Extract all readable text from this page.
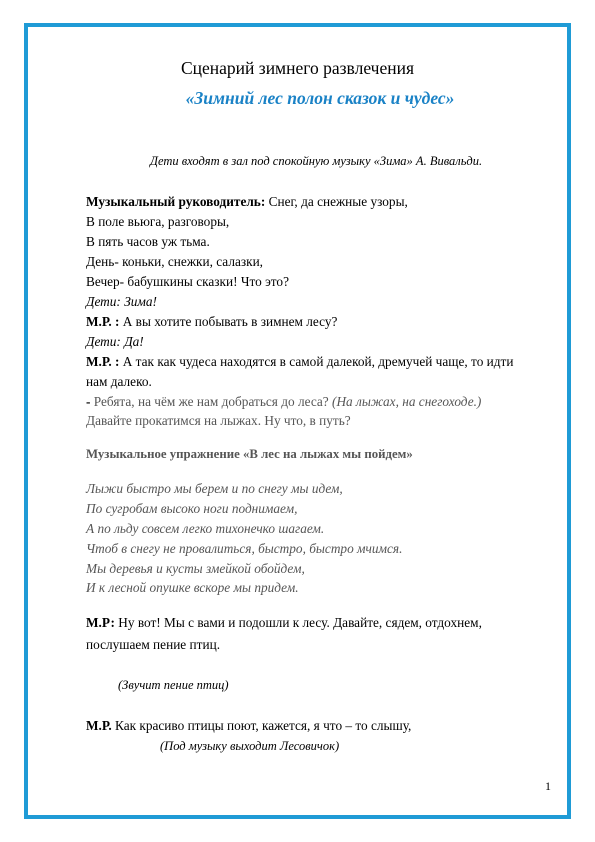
Сценарий зимнего развлечения
«Зимний лес полон сказок и чудес»
Дети входят в зал под спокойную музыку «Зима» А. Вивальди.
Музыкальный руководитель: Снег, да снежные узоры,
В поле вьюга, разговоры,
В пять часов уж тьма.
День- коньки, снежки, салазки,
Вечер- бабушкины сказки! Что это?
Дети: Зима!
М.Р. : А вы хотите побывать в зимнем лесу?
Дети: Да!
М.Р. : А так как чудеса находятся в самой далекой, дремучей чаще, то идти
нам далеко.
- Ребята, на чём же нам добраться до леса? (На лыжах, на снегоходе.)
Давайте прокатимся на лыжах. Ну что, в путь?
Музыкальное упражнение «В лес на лыжах мы пойдем»
Лыжи быстро мы берем и по снегу мы идем,
По сугробам высоко ноги поднимаем,
А по льду совсем легко тихонечко шагаем.
Чтоб в снегу не провалиться, быстро, быстро мчимся.
Мы деревья и кусты змейкой обойдем,
И к лесной опушке вскоре мы придем.
М.Р: Ну вот! Мы с вами и подошли к лесу. Давайте, сядем, отдохнем,
послушаем пение птиц.
(Звучит пение птиц)
М.Р. Как красиво птицы поют, кажется, я что – то слышу,
(Под музыку выходит Лесовичок)
1
